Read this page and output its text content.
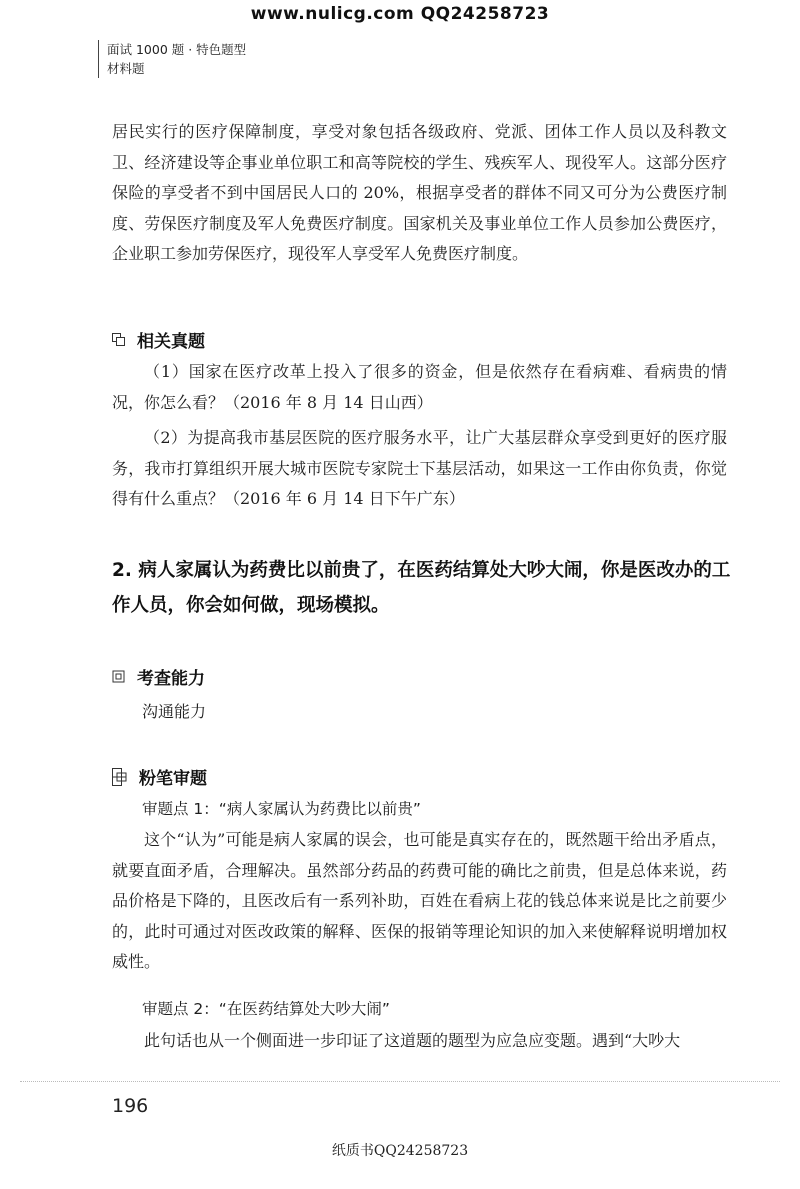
www.nulicg.com QQ24258723
面试 1000 题 · 特色题型
材料题

居民实行的医疗保障制度，享受对象包括各级政府、党派、团体工作人员以及科教文卫、经济建设等企事业单位职工和高等院校的学生、残疾军人、现役军人。这部分医疗保险的享受者不到中国居民人口的 20%，根据享受者的群体不同又可分为公费医疗制度、劳保医疗制度及军人免费医疗制度。国家机关及事业单位工作人员参加公费医疗，企业职工参加劳保医疗，现役军人享受军人免费医疗制度。

相关真题

（1）国家在医疗改革上投入了很多的资金，但是依然存在看病难、看病贵的情况，你怎么看？（2016 年 8 月 14 日山西）

（2）为提高我市基层医院的医疗服务水平，让广大基层群众享受到更好的医疗服务，我市打算组织开展大城市医院专家院士下基层活动，如果这一工作由你负责，你觉得有什么重点？（2016 年 6 月 14 日下午广东）

2. 病人家属认为药费比以前贵了，在医药结算处大吵大闹，你是医改办的工作人员，你会如何做，现场模拟。

考查能力
沟通能力
粉笔审题
审题点 1：“病人家属认为药费比以前贵”

这个“认为”可能是病人家属的误会，也可能是真实存在的，既然题干给出矛盾点，就要直面矛盾，合理解决。虽然部分药品的药费可能的确比之前贵，但是总体来说，药品价格是下降的，且医改后有一系列补助，百姓在看病上花的钱总体来说是比之前要少的，此时可通过对医改政策的解释、医保的报销等理论知识的加入来使解释说明增加权威性。

审题点 2：“在医药结算处大吵大闹”

此句话也从一个侧面进一步印证了这道题的题型为应急应变题。遇到“大吵大

196
纸质书QQ24258723
